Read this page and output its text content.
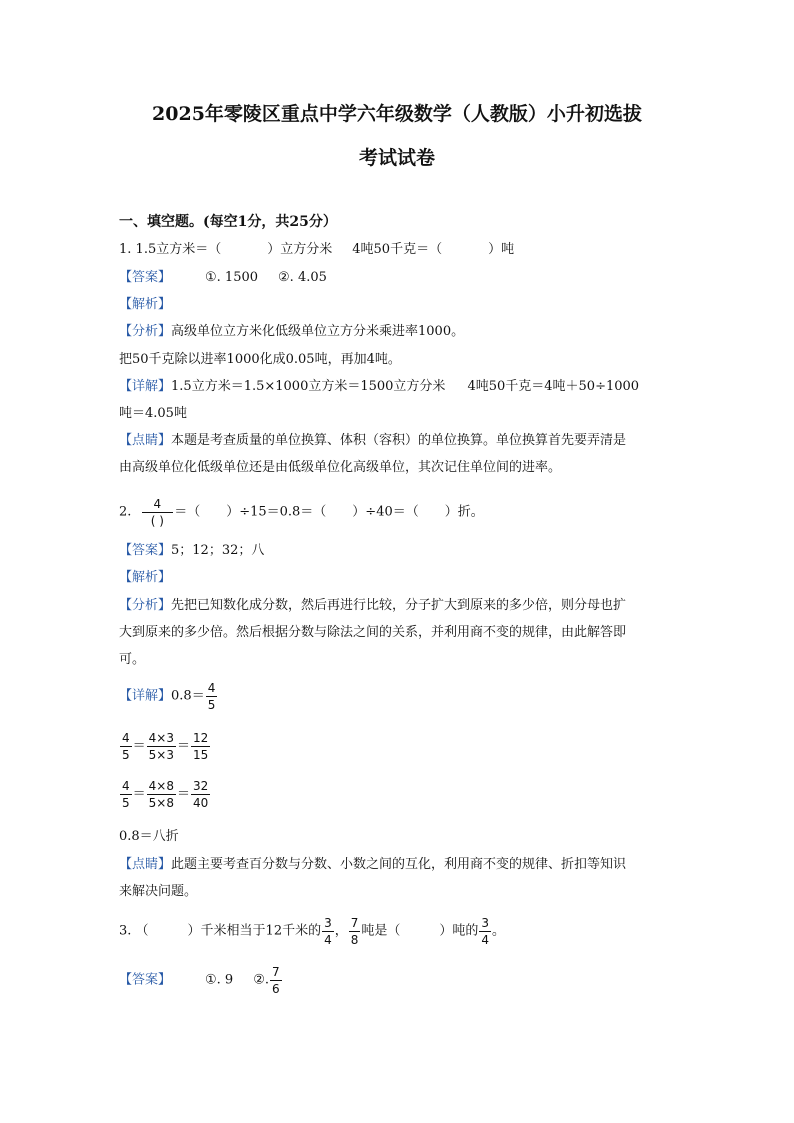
2025年零陵区重点中学六年级数学（人教版）小升初选拔
考试试卷
一、填空题。(每空1分，共25分）
1. 1.5立方米＝（	）立方分米 4吨50千克＝（	）吨
【答案】	①. 1500 ②. 4.05
【解析】
【分析】高级单位立方米化低级单位立方分米乘进率1000。
把50千克除以进率1000化成0.05吨，再加4吨。
【详解】1.5立方米＝1.5×1000立方米＝1500立方分米 4吨50千克＝4吨＋50÷1000
吨＝4.05吨
【点睛】本题是考查质量的单位换算、体积（容积）的单位换算。单位换算首先要弄清是
由高级单位化低级单位还是由低级单位化高级单位，其次记住单位间的进率。
2. $\frac{4}{( )}$ ＝（　　）÷15＝0.8＝（　　）÷40＝（　　）折。
【答案】5；12；32；八
【解析】
【分析】先把已知数化成分数，然后再进行比较，分子扩大到原来的多少倍，则分母也扩
大到原来的多少倍。然后根据分数与除法之间的关系，并利用商不变的规律，由此解答即
可。
【详解】$0.8= \frac{4}{5}$
$\frac{4}{5} = \frac{4\times 3}{5\times 3} = \frac{12}{15}$
$\frac{4}{5} = \frac{4\times 8}{5\times 8} = \frac{32}{40}$
0.8＝八折
【点睛】此题主要考查百分数与分数、小数之间的互化，利用商不变的规律、折扣等知识
来解决问题。
3. （　　　）千米相当于12千米的 $\frac{3}{4}$ ， $\frac{7}{8}$ 吨是（　　　）吨的 $\frac{3}{4}$ 。
【答案】	①. 9 ②. $\frac{7}{6}$
